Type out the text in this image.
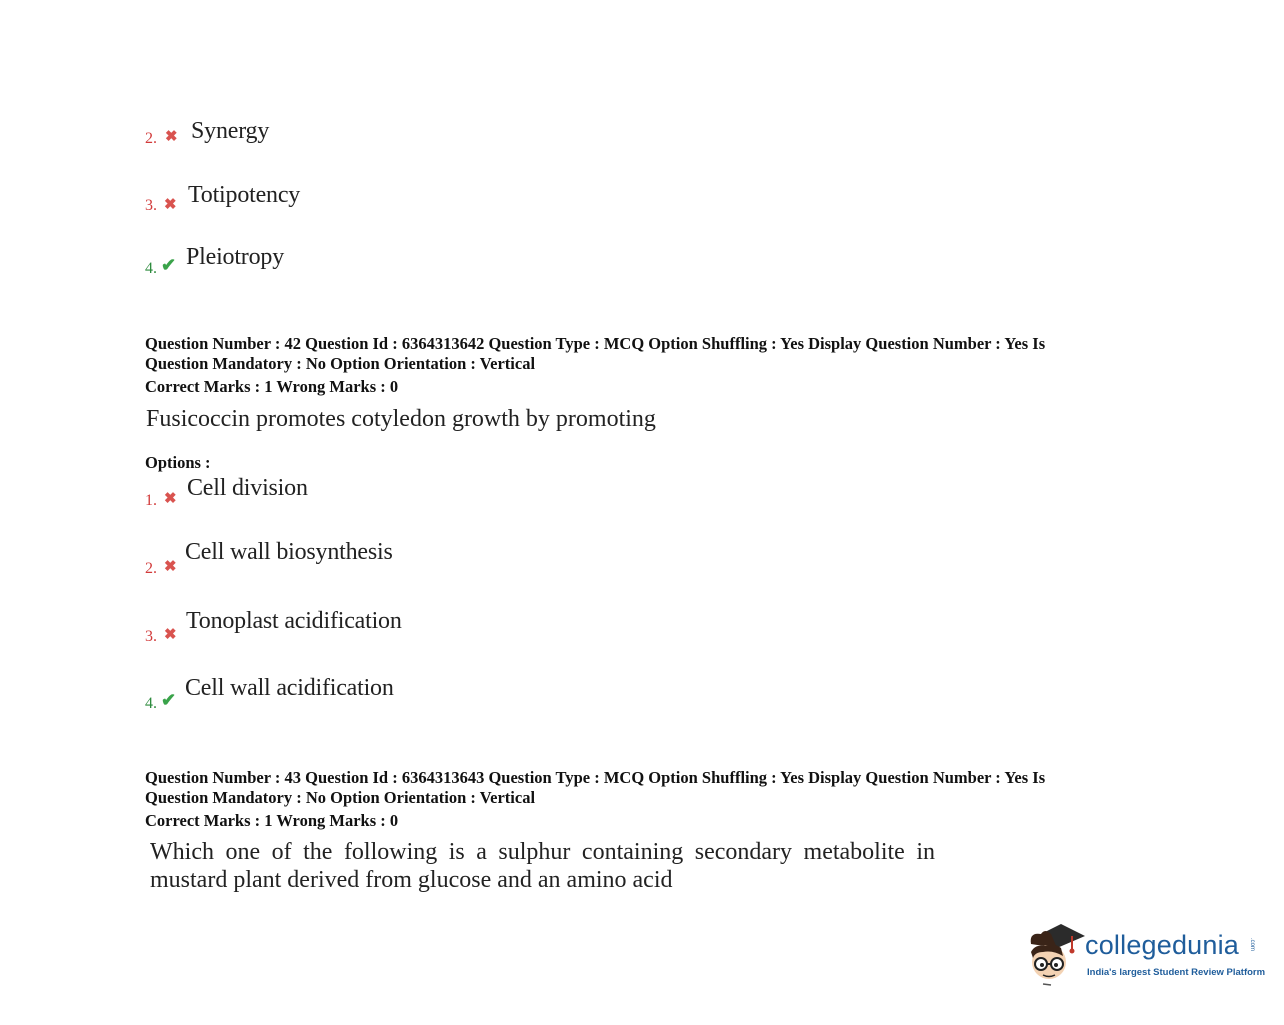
2. ✖ Synergy
3. ✖ Totipotency
4. ✔ Pleiotropy
Question Number : 42 Question Id : 6364313642 Question Type : MCQ Option Shuffling : Yes Display Question Number : Yes Is
Question Mandatory : No Option Orientation : Vertical
Correct Marks : 1 Wrong Marks : 0
Fusicoccin promotes cotyledon growth by promoting
Options :
1. ✖ Cell division
2. ✖
Cell wall biosynthesis
3. ✖
Tonoplast acidification
4. ✔ Cell wall acidification
Question Number : 43 Question Id : 6364313643 Question Type : MCQ Option Shuffling : Yes Display Question Number : Yes Is
Question Mandatory : No Option Orientation : Vertical
Correct Marks : 1 Wrong Marks : 0
Which one of the following is a sulphur containing secondary metabolite in mustard plant derived from glucose and an amino acid
collegedunia .com
India's largest Student Review Platform
